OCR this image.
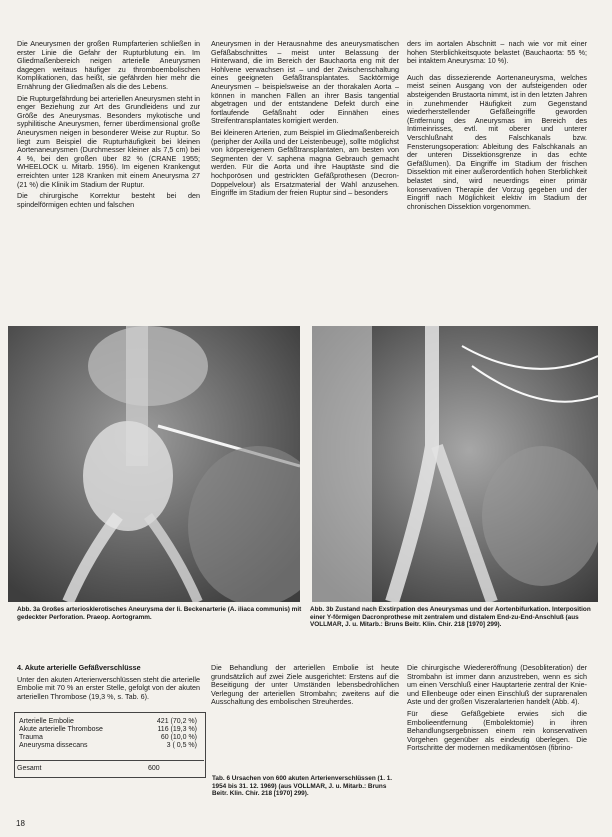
Die Aneurysmen der großen Rumpfarterien schließen in erster Linie die Gefahr der Rupturblutung ein. Im Gliedmaßenbereich neigen arterielle Aneurysmen dagegen weitaus häufiger zu thromboembolischen Komplikationen, das heißt, sie gefährden hier mehr die Ernährung der Gliedmaßen als die des Lebens.

Die Rupturgefährdung bei arteriellen Aneurysmen steht in enger Beziehung zur Art des Grundleidens und zur Größe des Aneurysmas. Besonders mykotische und syphilitische Aneurysmen, ferner überdimensional große Aneurysmen neigen in besonderer Weise zur Ruptur. So liegt zum Beispiel die Rupturhäufigkeit bei kleinen Aortenaneurysmen (Durchmesser kleiner als 7,5 cm) bei 4 %, bei den großen über 82 % (CRANE 1955; WHEELOCK u. Mitarb. 1956). Im eigenen Krankengut erreichten unter 128 Kranken mit einem Aneurysma 27 (21 %) die Klinik im Stadium der Ruptur.

Die chirurgische Korrektur besteht bei den spindelförmigen echten und falschen

Aneurysmen in der Herausnahme des aneurysmatischen Gefäßabschnittes – meist unter Belassung der Hinterwand, die im Bereich der Bauchaorta eng mit der Hohlvene verwachsen ist – und der Zwischenschaltung eines geeigneten Gefäßtransplantates. Sacktörmige Aneurysmen – beispielsweise an der thorakalen Aorta – können in manchen Fällen an ihrer Basis tangential abgetragen und der entstandene Defekt durch eine fortlaufende Gefäßnaht oder Einnähen eines Streifentransplantates korrigiert werden.

Bei kleineren Arterien, zum Beispiel im Gliedmaßenbereich (peripher der Axilla und der Leistenbeuge), sollte möglichst von körpereigenem Gefäßtransplantaten, am besten von Segmenten der V. saphena magna Gebrauch gemacht werden. Für die Aorta und ihre Hauptäste sind die hochporösen und gestrickten Gefäßprothesen (Decron-Doppelvelour) als Ersatzmaterial der Wahl anzusehen. Eingriffe im Stadium der freien Ruptur sind – besonders

ders im aortalen Abschnitt – nach wie vor mit einer hohen Sterblichkeitsquote belastet (Bauchaorta: 55 %; bei intaktem Aneurysma: 10 %).

Auch das dissezierende Aortenaneurysma, welches meist seinen Ausgang von der aufsteigenden oder absteigenden Brustaorta nimmt, ist in den letzten Jahren in zunehmender Häufigkeit zum Gegenstand wiederherstellender Gefäßeingriffe geworden (Entfernung des Aneurysmas im Bereich des Intimeinrisses, evtl. mit oberer und unterer Verschlußnaht des Falschkanals bzw. Fensterungsoperation: Ableitung des Falschkanals an der unteren Dissektionsgrenze in das echte Gefäßlumen). Da Eingriffe im Stadium der frischen Dissektion mit einer außerordentlich hohen Sterblichkeit belastet sind, wird neuerdings einer primär konservativen Therapie der Vorzug gegeben und der Eingriff nach Möglichkeit elektiv im Stadium der chronischen Dissektion vorgenommen.

Abb. 3a Großes arteriosklerotisches Aneurysma der li. Beckenarterie (A. iliaca communis) mit gedeckter Perforation. Praeop. Aortogramm.
Abb. 3b Zustand nach Exstirpation des Aneurysmas und der Aortenbifurkation. Interposition einer Y-förmigen Dacronprothese mit zentralem und distalem End-zu-End-Anschluß (aus VOLLMAR, J. u. Mitarb.: Bruns Beitr. Klin. Chir. 218 [1970] 299).

4. Akute arterielle Gefäßverschlüsse

Unter den akuten Arterienverschlüssen steht die arterielle Embolie mit 70 % an erster Stelle, gefolgt von der akuten arteriellen Thrombose (19,3 %, s. Tab. 6).

Arterielle Embolie	421 (70,2 %)
Akute arterielle Thrombose	116 (19,3 %)
Trauma	60 (10,0 %)
Aneurysma dissecans	3 ( 0,5 %)
Gesamt	600

Die Behandlung der arteriellen Embolie ist heute grundsätzlich auf zwei Ziele ausgerichtet: Erstens auf die Beseitigung der unter Umständen lebensbedrohlichen Verlegung der arteriellen Strombahn; zweitens auf die Ausschaltung des embolischen Streuherdes.

Tab. 6 Ursachen von 600 akuten Arterienverschlüssen (1. 1. 1954 bis 31. 12. 1969) (aus VOLLMAR, J. u. Mitarb.: Bruns Beitr. Klin. Chir. 218 [1970] 299).

Die chirurgische Wiedereröffnung (Desobliteration) der Strombahn ist immer dann anzustreben, wenn es sich um einen Verschluß einer Hauptarterie zentral der Knie- und Ellenbeuge oder einen Einschluß der suprarenalen Aste und der großen Viszeralarterien handelt (Abb. 4).

Für diese Gefäßgebiete erwies sich die Embolieentfernung (Embolektomie) in ihren Behandlungsergebnissen einem rein konservativen Vorgehen gegenüber als eindeutig überlegen. Die Fortschritte der modernen medikamentösen (fibrino-

18
